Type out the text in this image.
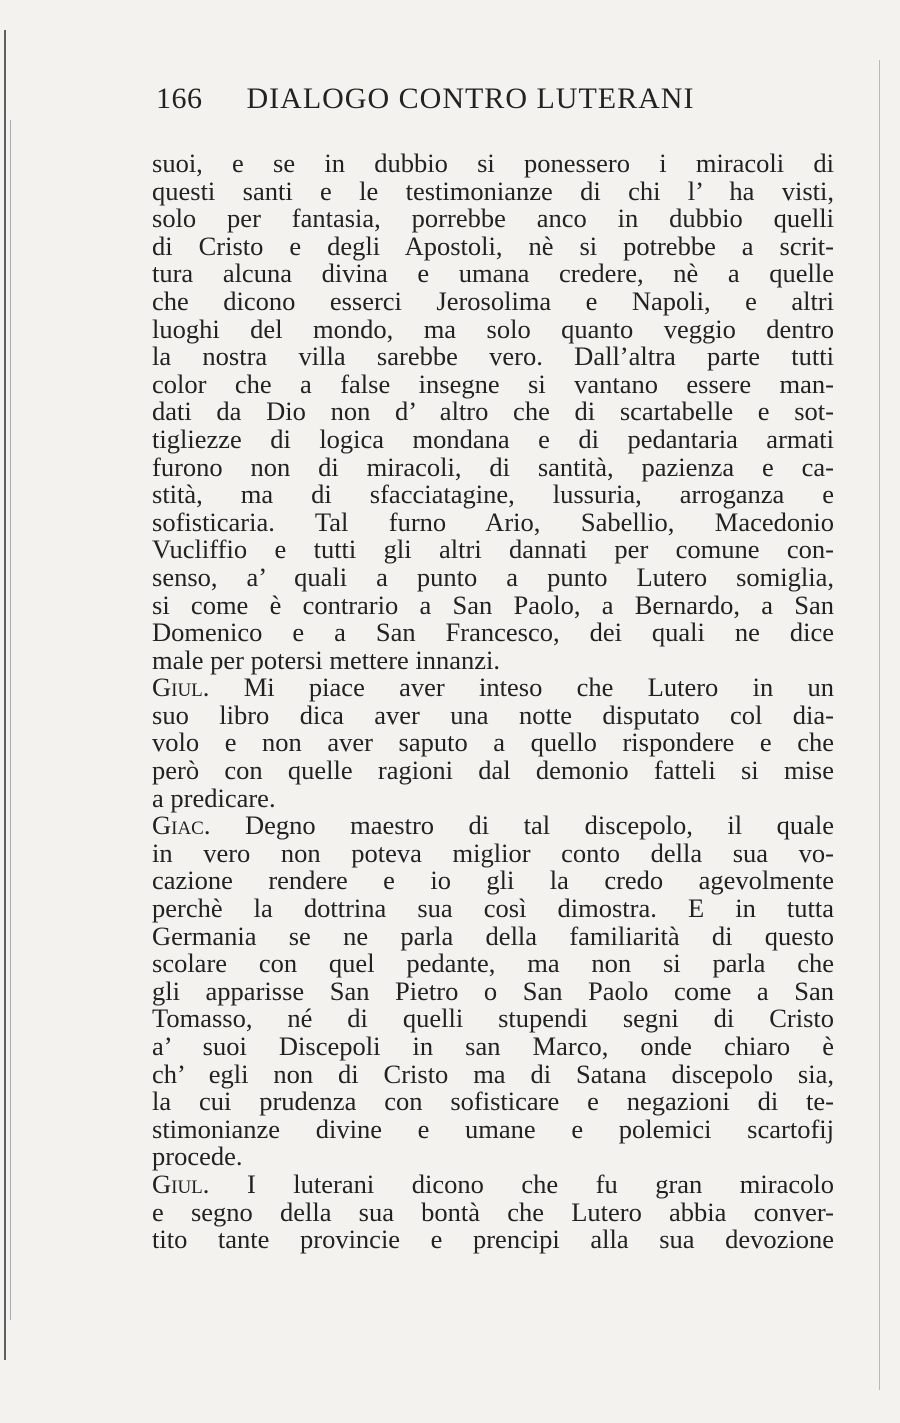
166 DIALOGO CONTRO LUTERANI
suoi, e se in dubbio si ponessero i miracoli di
questi santi e le testimonianze di chi l’ ha visti,
solo per fantasia, porrebbe anco in dubbio quelli
di Cristo e degli Apostoli, nè si potrebbe a scrit-
tura alcuna divina e umana credere, nè a quelle
che dicono esserci Jerosolima e Napoli, e altri
luoghi del mondo, ma solo quanto veggio dentro
la nostra villa sarebbe vero. Dall’altra parte tutti
color che a false insegne si vantano essere man-
dati da Dio non d’ altro che di scartabelle e sot-
tigliezze di logica mondana e di pedantaria armati
furono non di miracoli, di santità, pazienza e ca-
stità, ma di sfacciatagine, lussuria, arroganza e
sofisticaria. Tal furno Ario, Sabellio, Macedonio
Vucliffio e tutti gli altri dannati per comune con-
senso, a’ quali a punto a punto Lutero somiglia,
si come è contrario a San Paolo, a Bernardo, a San
Domenico e a San Francesco, dei quali ne dice
male per potersi mettere innanzi.
Giul. Mi piace aver inteso che Lutero in un
suo libro dica aver una notte disputato col dia-
volo e non aver saputo a quello rispondere e che
però con quelle ragioni dal demonio fatteli si mise
a predicare.
Giac. Degno maestro di tal discepolo, il quale
in vero non poteva miglior conto della sua vo-
cazione rendere e io gli la credo agevolmente
perchè la dottrina sua così dimostra. E in tutta
Germania se ne parla della familiarità di questo
scolare con quel pedante, ma non si parla che
gli apparisse San Pietro o San Paolo come a San
Tomasso, né di quelli stupendi segni di Cristo
a’ suoi Discepoli in san Marco, onde chiaro è
ch’ egli non di Cristo ma di Satana discepolo sia,
la cui prudenza con sofisticare e negazioni di te-
stimonianze divine e umane e polemici scartofij
procede.
Giul. I luterani dicono che fu gran miracolo
e segno della sua bontà che Lutero abbia conver-
tito tante provincie e prencipi alla sua devozione
